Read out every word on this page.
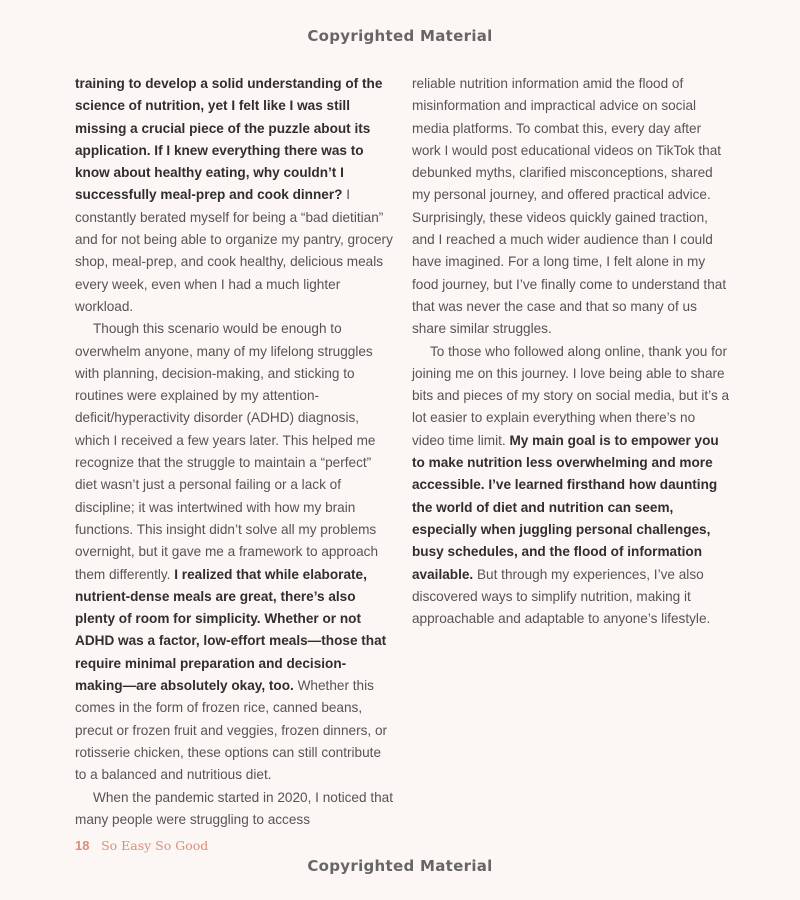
Copyrighted Material

training to develop a solid understanding of the science of nutrition, yet I felt like I was still missing a crucial piece of the puzzle about its application. If I knew everything there was to know about healthy eating, why couldn’t I successfully meal-prep and cook dinner? I constantly berated myself for being a “bad dietitian” and for not being able to organize my pantry, grocery shop, meal-prep, and cook healthy, delicious meals every week, even when I had a much lighter workload.

Though this scenario would be enough to overwhelm anyone, many of my lifelong struggles with planning, decision-making, and sticking to routines were explained by my attention-deficit/hyperactivity disorder (ADHD) diagnosis, which I received a few years later. This helped me recognize that the struggle to maintain a “perfect” diet wasn’t just a personal failing or a lack of discipline; it was intertwined with how my brain functions. This insight didn’t solve all my problems overnight, but it gave me a framework to approach them differently. I realized that while elaborate, nutrient-dense meals are great, there’s also plenty of room for simplicity. Whether or not ADHD was a factor, low-effort meals—those that require minimal preparation and decision-making—are absolutely okay, too. Whether this comes in the form of frozen rice, canned beans, precut or frozen fruit and veggies, frozen dinners, or rotisserie chicken, these options can still contribute to a balanced and nutritious diet.

When the pandemic started in 2020, I noticed that many people were struggling to access

reliable nutrition information amid the flood of misinformation and impractical advice on social media platforms. To combat this, every day after work I would post educational videos on TikTok that debunked myths, clarified misconceptions, shared my personal journey, and offered practical advice. Surprisingly, these videos quickly gained traction, and I reached a much wider audience than I could have imagined. For a long time, I felt alone in my food journey, but I’ve finally come to understand that that was never the case and that so many of us share similar struggles.

To those who followed along online, thank you for joining me on this journey. I love being able to share bits and pieces of my story on social media, but it’s a lot easier to explain everything when there’s no video time limit. My main goal is to empower you to make nutrition less overwhelming and more accessible. I’ve learned firsthand how daunting the world of diet and nutrition can seem, especially when juggling personal challenges, busy schedules, and the flood of information available. But through my experiences, I’ve also discovered ways to simplify nutrition, making it approachable and adaptable to anyone’s lifestyle.

18 So Easy So Good
Copyrighted Material
